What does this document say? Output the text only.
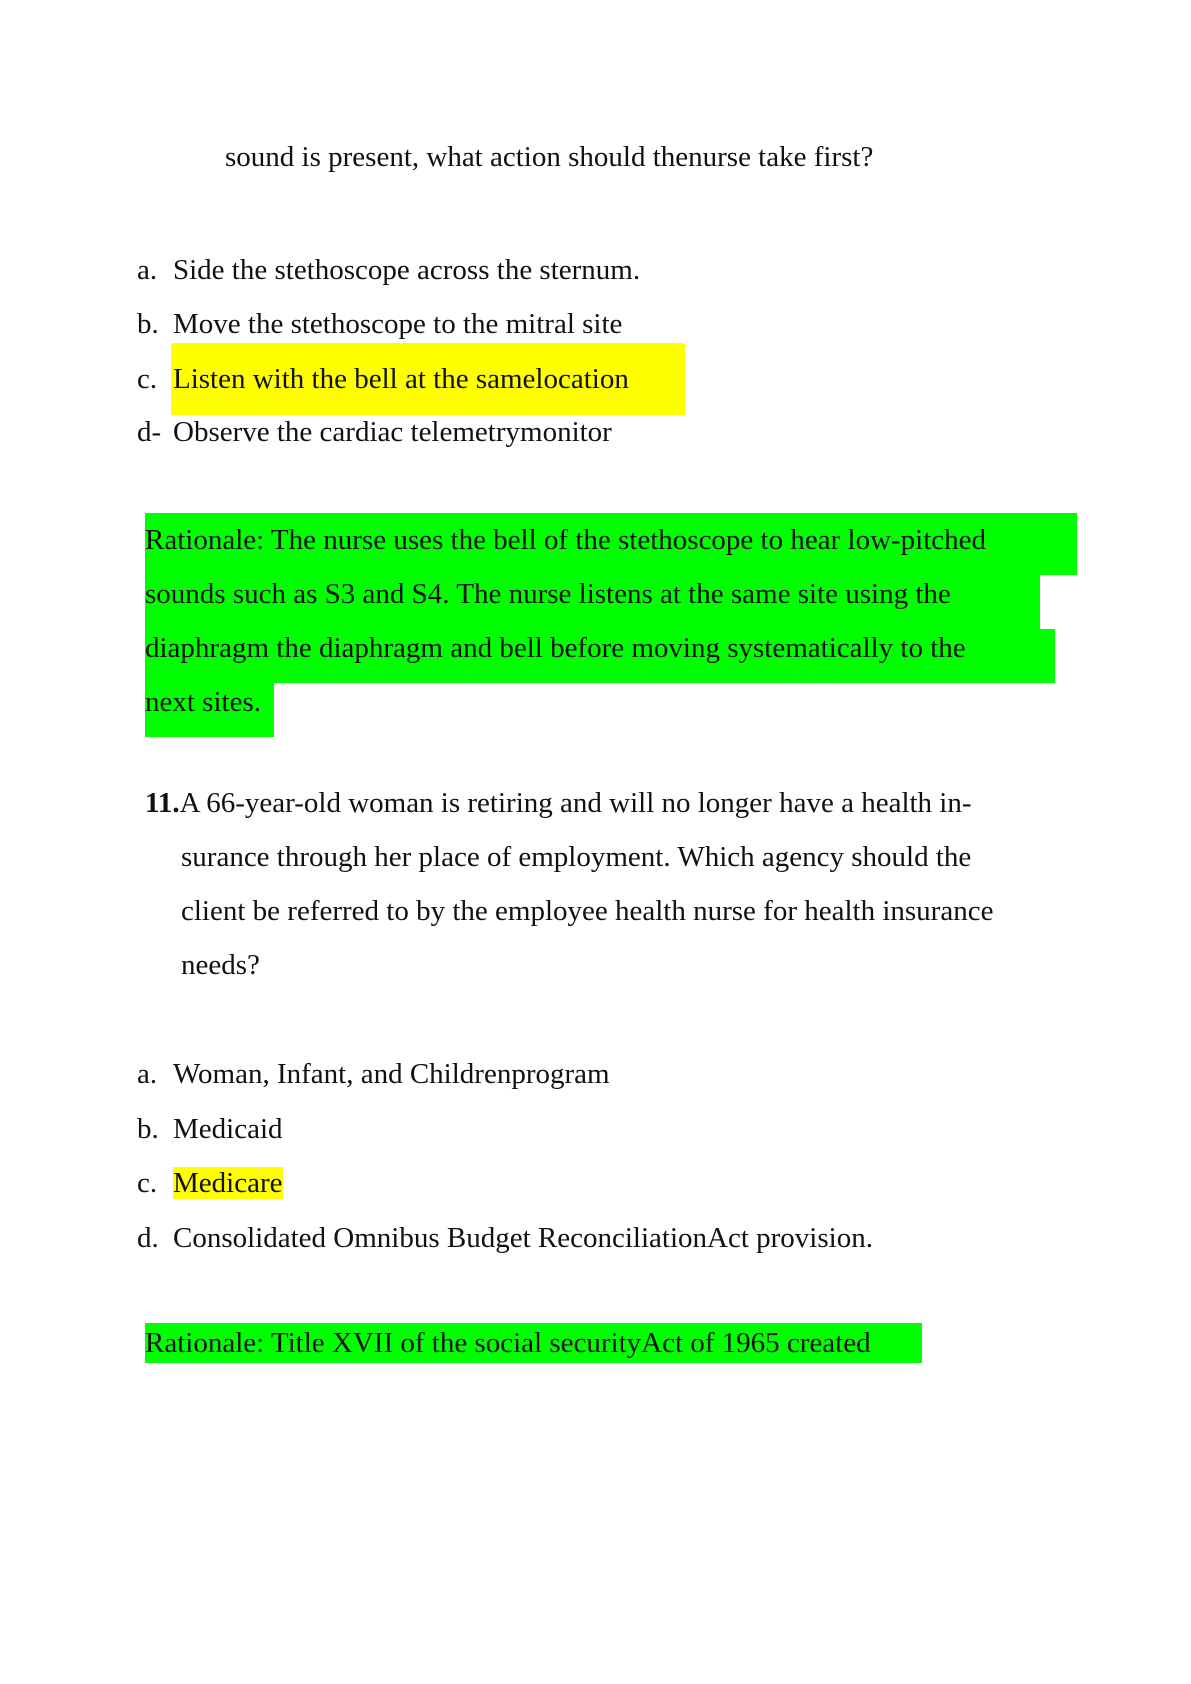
sound is present, what action should thenurse take first?
a. Side the stethoscope across the sternum.
b. Move the stethoscope to the mitral site
c. Listen with the bell at the samelocation
d- Observe the cardiac telemetrymonitor
Rationale: The nurse uses the bell of the stethoscope to hear low-pitched
sounds such as S3 and S4. The nurse listens at the same site using the
diaphragm the diaphragm and bell before moving systematically to the
next sites.
11.A 66-year-old woman is retiring and will no longer have a health in-
surance through her place of employment. Which agency should the
client be referred to by the employee health nurse for health insurance
needs?
a. Woman, Infant, and Childrenprogram
b. Medicaid
c. Medicare
d. Consolidated Omnibus Budget ReconciliationAct provision.
Rationale: Title XVII of the social securityAct of 1965 created
